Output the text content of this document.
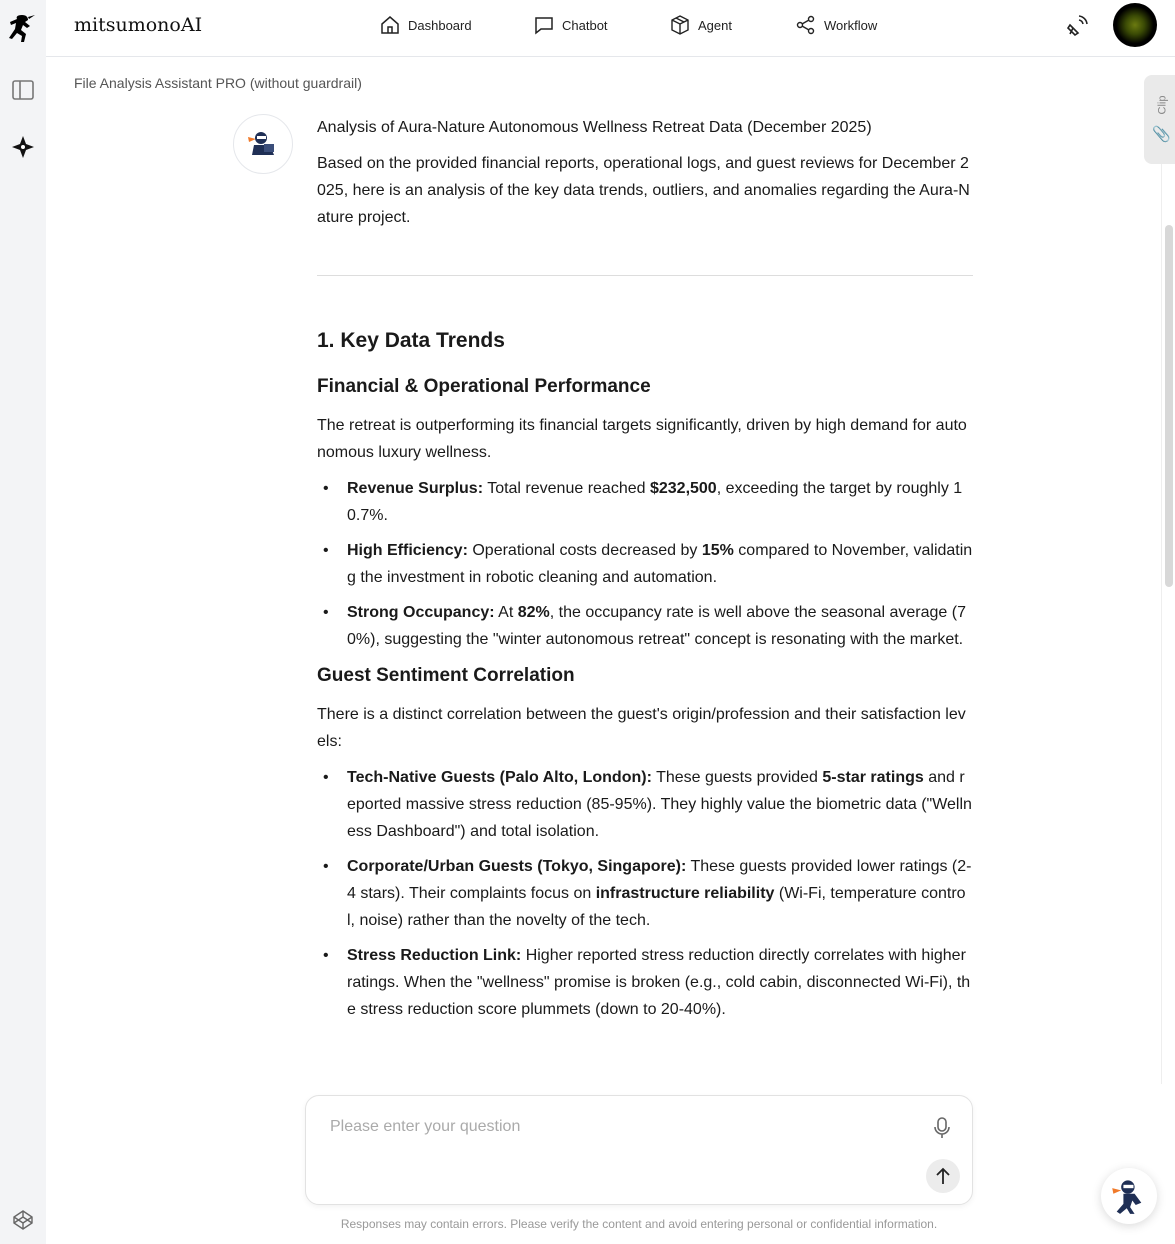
mitsumonoAI	Dashboard	Chatbot	Agent	Workflow
File Analysis Assistant PRO (without guardrail)
Clip
📎

Analysis of Aura-Nature Autonomous Wellness Retreat Data (December 2025)

Based on the provided financial reports, operational logs, and guest reviews for December 2025, here is an analysis of the key data trends, outliers, and anomalies regarding the Aura-Nature project.

1. Key Data Trends
Financial & Operational Performance

The retreat is outperforming its financial targets significantly, driven by high demand for autonomous luxury wellness.

• Revenue Surplus: Total revenue reached $232,500, exceeding the target by roughly 10.7%.
• High Efficiency: Operational costs decreased by 15% compared to November, validating the investment in robotic cleaning and automation.
• Strong Occupancy: At 82%, the occupancy rate is well above the seasonal average (70%), suggesting the "winter autonomous retreat" concept is resonating with the market.
Guest Sentiment Correlation

There is a distinct correlation between the guest's origin/profession and their satisfaction levels:

• Tech-Native Guests (Palo Alto, London): These guests provided 5-star ratings and reported massive stress reduction (85-95%). They highly value the biometric data ("Wellness Dashboard") and total isolation.
• Corporate/Urban Guests (Tokyo, Singapore): These guests provided lower ratings (2-4 stars). Their complaints focus on infrastructure reliability (Wi-Fi, temperature control, noise) rather than the novelty of the tech.
• Stress Reduction Link: Higher reported stress reduction directly correlates with higher ratings. When the "wellness" promise is broken (e.g., cold cabin, disconnected Wi-Fi), the stress reduction score plummets (down to 20-40%).
Please enter your question
Responses may contain errors. Please verify the content and avoid entering personal or confidential information.
